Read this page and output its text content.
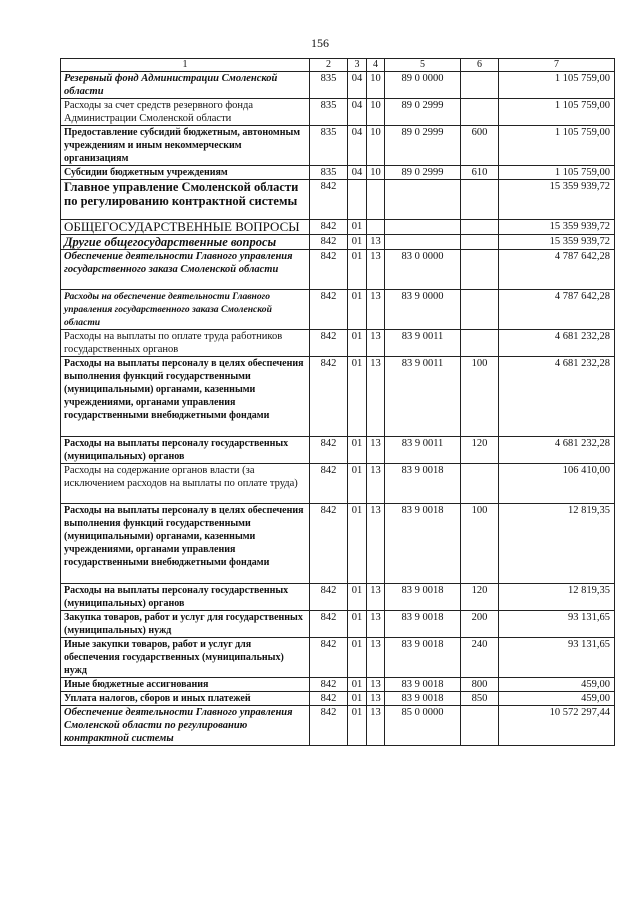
156
1	2	3	4	5	6	7
Резервный фонд Администрации Смоленской области	835	04	10	89 0 0000		1 105 759,00
Расходы за счет средств резервного фонда Администрации Смоленской области	835	04	10	89 0 2999		1 105 759,00
Предоставление субсидий бюджетным, автономным учреждениям и иным некоммерческим организациям	835	04	10	89 0 2999	600	1 105 759,00
Субсидии бюджетным учреждениям	835	04	10	89 0 2999	610	1 105 759,00
Главное управление Смоленской области по регулированию контрактной системы	842					15 359 939,72
ОБЩЕГОСУДАРСТВЕННЫЕ ВОПРОСЫ	842	01				15 359 939,72
Другие общегосударственные вопросы	842	01	13			15 359 939,72
Обеспечение деятельности Главного управления государственного заказа Смоленской области	842	01	13	83 0 0000		4 787 642,28
Расходы на обеспечение деятельности Главного управления государственного заказа Смоленской области	842	01	13	83 9 0000		4 787 642,28
Расходы на выплаты по оплате труда работников государственных органов	842	01	13	83 9 0011		4 681 232,28
Расходы на выплаты персоналу в целях обеспечения выполнения функций государственными (муниципальными) органами, казенными учреждениями, органами управления государственными внебюджетными фондами	842	01	13	83 9 0011	100	4 681 232,28
Расходы на выплаты персоналу государственных (муниципальных) органов	842	01	13	83 9 0011	120	4 681 232,28
Расходы на содержание органов власти (за исключением расходов на выплаты по оплате труда)	842	01	13	83 9 0018		106 410,00
Расходы на выплаты персоналу в целях обеспечения выполнения функций государственными (муниципальными) органами, казенными учреждениями, органами управления государственными внебюджетными фондами	842	01	13	83 9 0018	100	12 819,35
Расходы на выплаты персоналу государственных (муниципальных) органов	842	01	13	83 9 0018	120	12 819,35
Закупка товаров, работ и услуг для государственных (муниципальных) нужд	842	01	13	83 9 0018	200	93 131,65
Иные закупки товаров, работ и услуг для обеспечения государственных (муниципальных) нужд	842	01	13	83 9 0018	240	93 131,65
Иные бюджетные ассигнования	842	01	13	83 9 0018	800	459,00
Уплата налогов, сборов и иных платежей	842	01	13	83 9 0018	850	459,00
Обеспечение деятельности Главного управления Смоленской области по регулированию контрактной системы	842	01	13	85 0 0000		10 572 297,44
